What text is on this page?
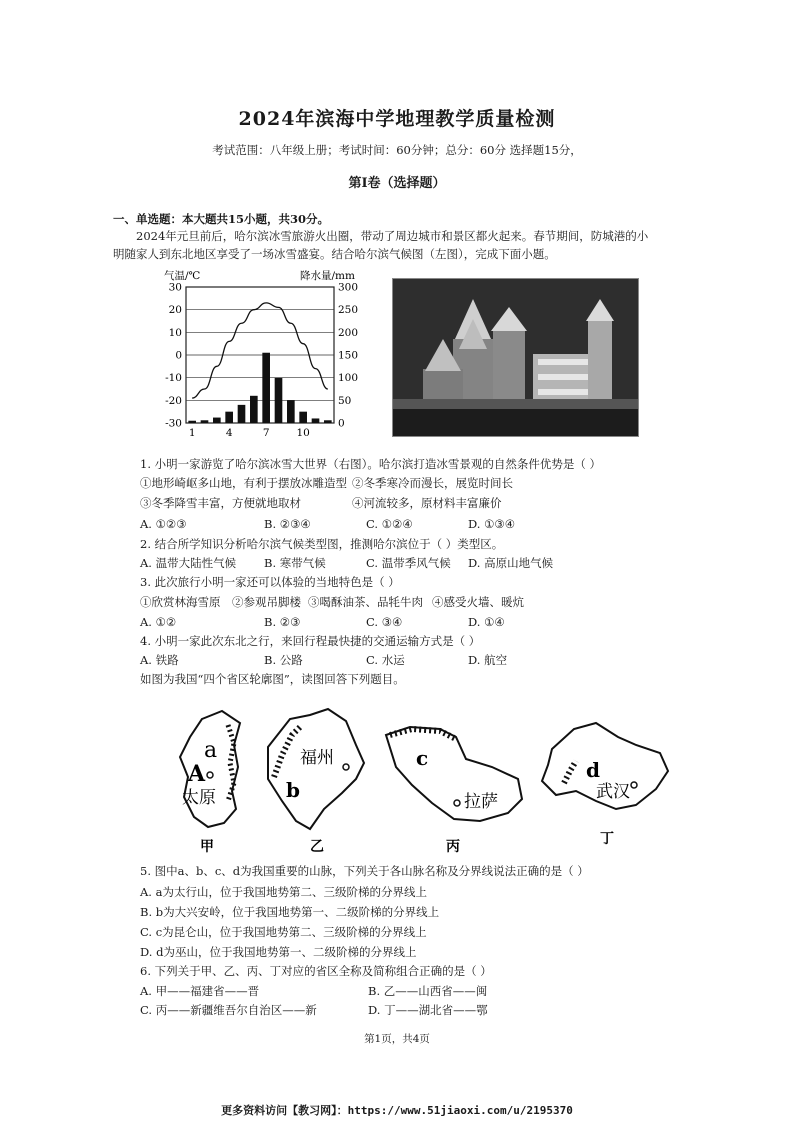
2024年滨海中学地理教学质量检测
考试范围：八年级上册；考试时间：60分钟；总分：60分 选择题15分，
第Ⅰ卷（选择题）
一、单选题：本大题共15小题，共30分。
2024年元旦前后，哈尔滨冰雪旅游火出圈，带动了周边城市和景区都火起来。春节期间，防城港的小
明随家人到东北地区享受了一场冰雪盛宴。结合哈尔滨气候图（左图），完成下面小题。
气温/℃	降水量/mm
30
20
10
0
-10
-20
-30
300
250
200
150
100
50
0
1	4	7	10
1. 小明一家游览了哈尔滨冰雪大世界（右图）。哈尔滨打造冰雪景观的自然条件优势是（ ）
①地形崎岖多山地，有利于摆放冰雕造型 ②冬季寒冷而漫长，展览时间长
③冬季降雪丰富，方便就地取材	④河流较多，原材料丰富廉价
A. ①②③	B. ②③④	C. ①②④	D. ①③④
2. 结合所学知识分析哈尔滨气候类型图，推测哈尔滨位于（ ）类型区。
A. 温带大陆性气候 B. 寒带气候	C. 温带季风气候 D. 高原山地气候
3. 此次旅行小明一家还可以体验的当地特色是（ ）
①欣赏林海雪原 ②参观吊脚楼 ③喝酥油茶、品牦牛肉 ④感受火墙、暖炕
A. ①②	B. ②③	C. ③④	D. ①④
4. 小明一家此次东北之行，来回行程最快捷的交通运输方式是（ ）
A. 铁路	B. 公路	C. 水运	D. 航空
如图为我国“四个省区轮廓图”，读图回答下列题目。
a
A
太原
甲
福州
b
乙
c
拉萨
丙
d
武汉
丁
5. 图中a、b、c、d为我国重要的山脉，下列关于各山脉名称及分界线说法正确的是（ ）
A. a为太行山，位于我国地势第二、三级阶梯的分界线上
B. b为大兴安岭，位于我国地势第一、二级阶梯的分界线上
C. c为昆仑山，位于我国地势第二、三级阶梯的分界线上
D. d为巫山，位于我国地势第一、二级阶梯的分界线上
6. 下列关于甲、乙、丙、丁对应的省区全称及简称组合正确的是（ ）
A. 甲——福建省——晋	B. 乙——山西省——闽
C. 丙——新疆维吾尔自治区——新	D. 丁——湖北省——鄂
第1页，共4页
更多资料访问【教习网】：https://www.51jiaoxi.com/u/2195370
